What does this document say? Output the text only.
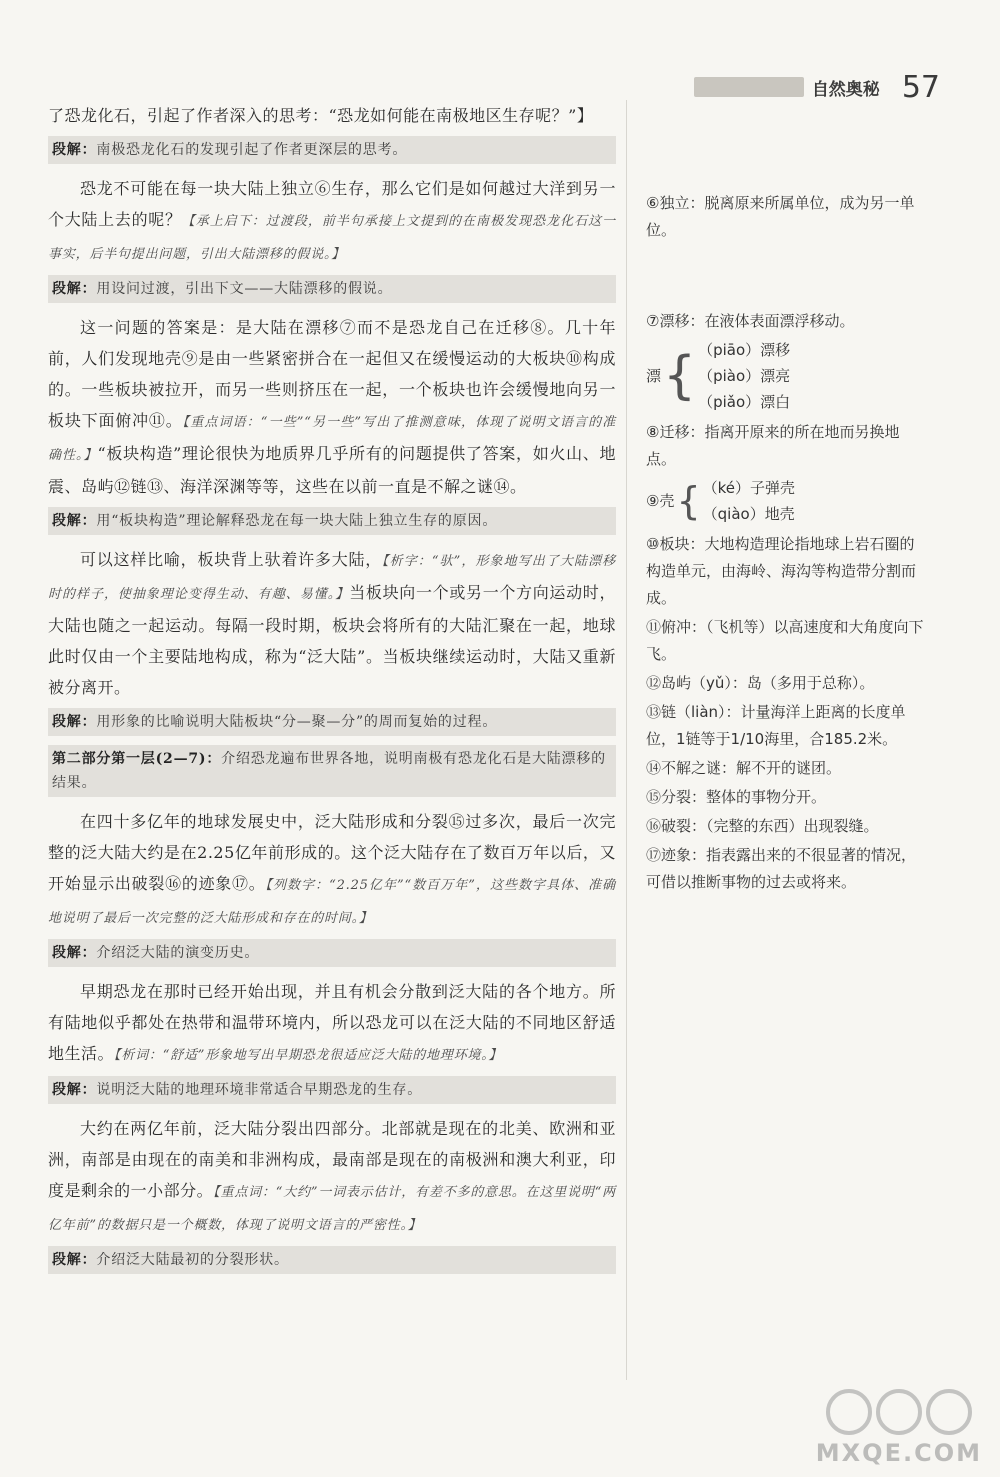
自然奥秘 57

了恐龙化石，引起了作者深入的思考：“恐龙如何能在南极地区生存呢？”】

段解：南极恐龙化石的发现引起了作者更深层的思考。

恐龙不可能在每一块大陆上独立⑥生存，那么它们是如何越过大洋到另一个大陆上去的呢？【承上启下：过渡段，前半句承接上文提到的在南极发现恐龙化石这一事实，后半句提出问题，引出大陆漂移的假说。】

段解：用设问过渡，引出下文——大陆漂移的假说。

这一问题的答案是：是大陆在漂移⑦而不是恐龙自己在迁移⑧。几十年前，人们发现地壳⑨是由一些紧密拼合在一起但又在缓慢运动的大板块⑩构成的。一些板块被拉开，而另一些则挤压在一起，一个板块也许会缓慢地向另一板块下面俯冲⑪。【重点词语：“一些”“另一些”写出了推测意味，体现了说明文语言的准确性。】“板块构造”理论很快为地质界几乎所有的问题提供了答案，如火山、地震、岛屿⑫链⑬、海洋深渊等等，这些在以前一直是不解之谜⑭。

段解：用“板块构造”理论解释恐龙在每一块大陆上独立生存的原因。

可以这样比喻，板块背上驮着许多大陆，【析字：“驮”，形象地写出了大陆漂移时的样子，使抽象理论变得生动、有趣、易懂。】当板块向一个或另一个方向运动时，大陆也随之一起运动。每隔一段时期，板块会将所有的大陆汇聚在一起，地球此时仅由一个主要陆地构成，称为“泛大陆”。当板块继续运动时，大陆又重新被分离开。

段解：用形象的比喻说明大陆板块“分—聚—分”的周而复始的过程。
第二部分第一层(2—7)：介绍恐龙遍布世界各地，说明南极有恐龙化石是大陆漂移的结果。

在四十多亿年的地球发展史中，泛大陆形成和分裂⑮过多次，最后一次完整的泛大陆大约是在2.25亿年前形成的。这个泛大陆存在了数百万年以后，又开始显示出破裂⑯的迹象⑰。【列数字：“2.25亿年”“数百万年”，这些数字具体、准确地说明了最后一次完整的泛大陆形成和存在的时间。】

段解：介绍泛大陆的演变历史。

早期恐龙在那时已经开始出现，并且有机会分散到泛大陆的各个地方。所有陆地似乎都处在热带和温带环境内，所以恐龙可以在泛大陆的不同地区舒适地生活。【析词：“舒适”形象地写出早期恐龙很适应泛大陆的地理环境。】

段解：说明泛大陆的地理环境非常适合早期恐龙的生存。

大约在两亿年前，泛大陆分裂出四部分。北部就是现在的北美、欧洲和亚洲，南部是由现在的南美和非洲构成，最南部是现在的南极洲和澳大利亚，印度是剩余的一小部分。【重点词：“大约”一词表示估计，有差不多的意思。在这里说明“两亿年前”的数据只是一个概数，体现了说明文语言的严密性。】

段解：介绍泛大陆最初的分裂形状。

⑥独立：脱离原来所属单位，成为另一单位。

⑦漂移：在液体表面漂浮移动。

漂 { （piāo）漂移
（piào）漂亮
（piǎo）漂白

⑧迁移：指离开原来的所在地而另换地点。

⑨壳 { （ké）子弹壳
（qiào）地壳

⑩板块：大地构造理论指地球上岩石圈的构造单元，由海岭、海沟等构造带分割而成。

⑪俯冲：（飞机等）以高速度和大角度向下飞。

⑫岛屿（yǔ）：岛（多用于总称）。

⑬链（liàn）：计量海洋上距离的长度单位，1链等于1/10海里，合185.2米。

⑭不解之谜：解不开的谜团。

⑮分裂：整体的事物分开。

⑯破裂：（完整的东西）出现裂缝。

⑰迹象：指表露出来的不很显著的情况，可借以推断事物的过去或将来。

MXQE.COM
